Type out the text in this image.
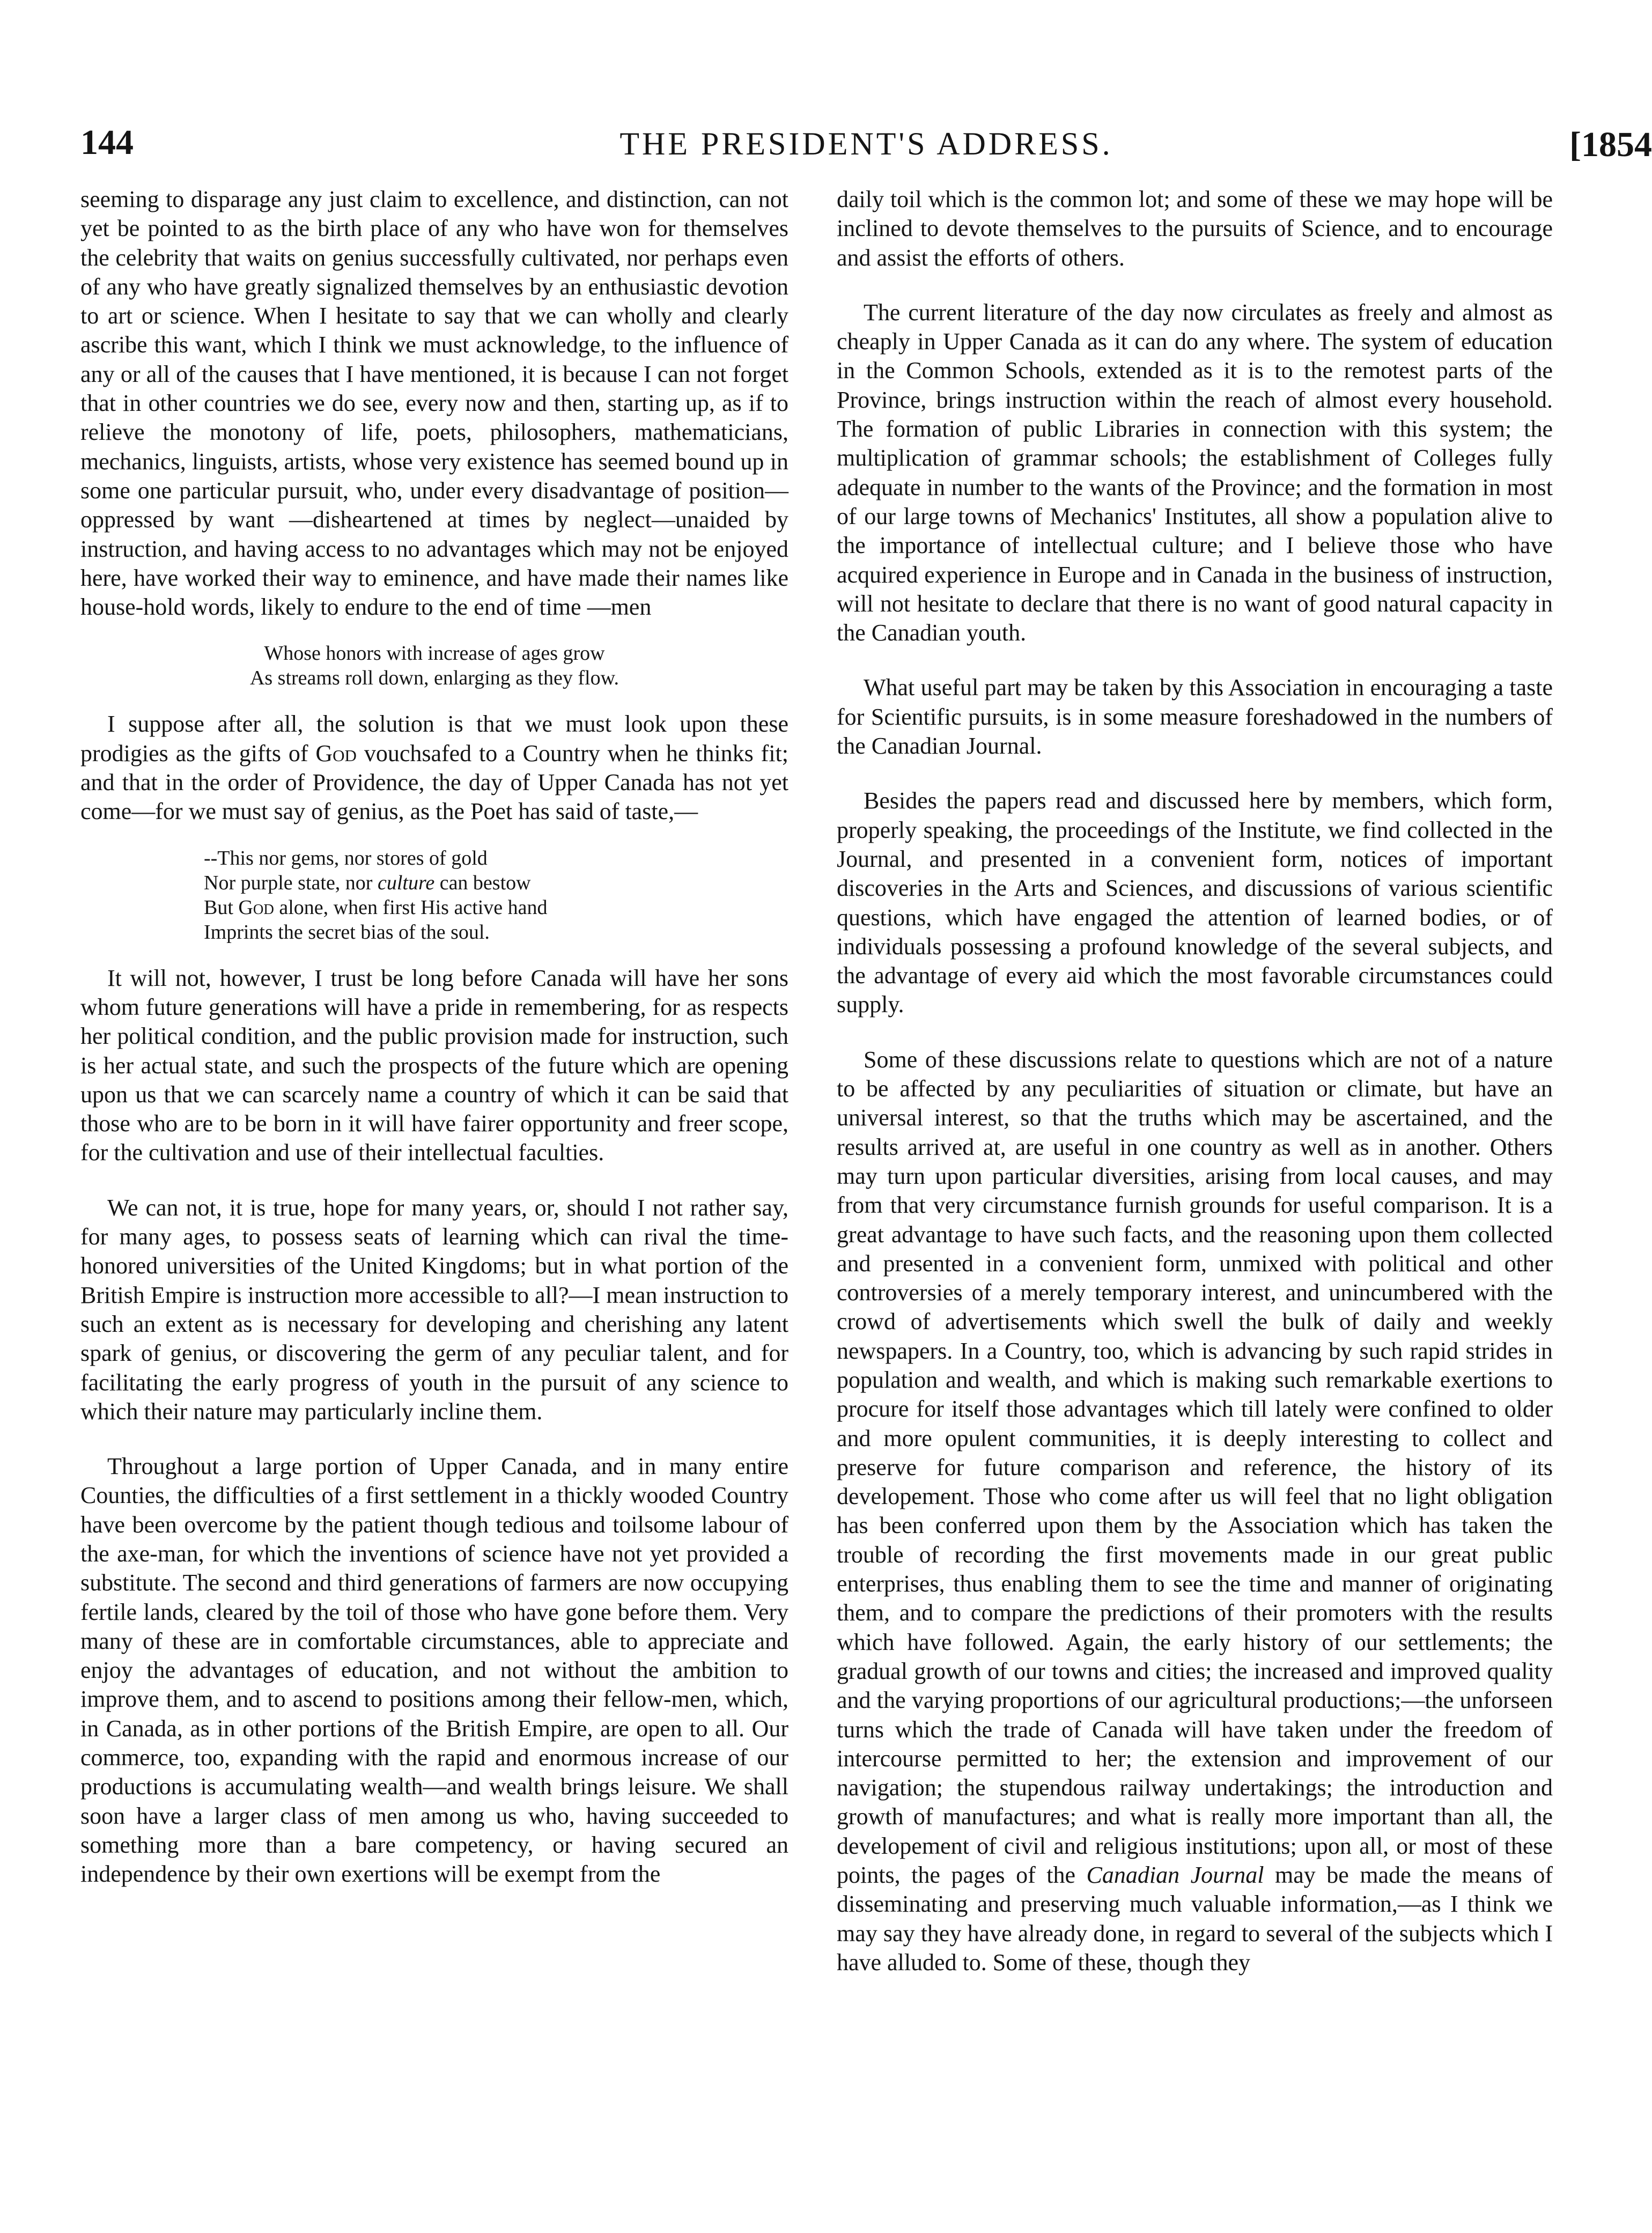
144	THE PRESIDENT'S ADDRESS.	[1854

seeming to disparage any just claim to excellence, and distinction, can not yet be pointed to as the birth place of any who have won for themselves the celebrity that waits on genius successfully cultivated, nor perhaps even of any who have greatly signalized themselves by an enthusiastic devotion to art or science. When I hesitate to say that we can wholly and clearly ascribe this want, which I think we must acknowledge, to the influence of any or all of the causes that I have mentioned, it is because I can not forget that in other countries we do see, every now and then, starting up, as if to relieve the monotony of life, poets, philosophers, mathematicians, mechanics, linguists, artists, whose very existence has seemed bound up in some one particular pursuit, who, under every disadvantage of position—oppressed by want —disheartened at times by neglect—unaided by instruction, and having access to no advantages which may not be enjoyed here, have worked their way to eminence, and have made their names like house-hold words, likely to endure to the end of time —men

Whose honors with increase of ages grow
As streams roll down, enlarging as they flow.

I suppose after all, the solution is that we must look upon these prodigies as the gifts of God vouchsafed to a Country when he thinks fit; and that in the order of Providence, the day of Upper Canada has not yet come—for we must say of genius, as the Poet has said of taste,—

--This nor gems, nor stores of gold
Nor purple state, nor culture can bestow
But God alone, when first His active hand
Imprints the secret bias of the soul.

It will not, however, I trust be long before Canada will have her sons whom future generations will have a pride in remembering, for as respects her political condition, and the public provision made for instruction, such is her actual state, and such the prospects of the future which are opening upon us that we can scarcely name a country of which it can be said that those who are to be born in it will have fairer opportunity and freer scope, for the cultivation and use of their intellectual faculties.

We can not, it is true, hope for many years, or, should I not rather say, for many ages, to possess seats of learning which can rival the time-honored universities of the United Kingdoms; but in what portion of the British Empire is instruction more accessible to all?—I mean instruction to such an extent as is necessary for developing and cherishing any latent spark of genius, or discovering the germ of any peculiar talent, and for facilitating the early progress of youth in the pursuit of any science to which their nature may particularly incline them.

Throughout a large portion of Upper Canada, and in many entire Counties, the difficulties of a first settlement in a thickly wooded Country have been overcome by the patient though tedious and toilsome labour of the axe-man, for which the inventions of science have not yet provided a substitute. The second and third generations of farmers are now occupying fertile lands, cleared by the toil of those who have gone before them. Very many of these are in comfortable circumstances, able to appreciate and enjoy the advantages of education, and not without the ambition to improve them, and to ascend to positions among their fellow-men, which, in Canada, as in other portions of the British Empire, are open to all. Our commerce, too, expanding with the rapid and enormous increase of our productions is accumulating wealth—and wealth brings leisure. We shall soon have a larger class of men among us who, having succeeded to something more than a bare competency, or having secured an independence by their own exertions will be exempt from the

daily toil which is the common lot; and some of these we may hope will be inclined to devote themselves to the pursuits of Science, and to encourage and assist the efforts of others.

The current literature of the day now circulates as freely and almost as cheaply in Upper Canada as it can do any where. The system of education in the Common Schools, extended as it is to the remotest parts of the Province, brings instruction within the reach of almost every household. The formation of public Libraries in connection with this system; the multiplication of grammar schools; the establishment of Colleges fully adequate in number to the wants of the Province; and the formation in most of our large towns of Mechanics' Institutes, all show a population alive to the importance of intellectual culture; and I believe those who have acquired experience in Europe and in Canada in the business of instruction, will not hesitate to declare that there is no want of good natural capacity in the Canadian youth.

What useful part may be taken by this Association in encouraging a taste for Scientific pursuits, is in some measure foreshadowed in the numbers of the Canadian Journal.

Besides the papers read and discussed here by members, which form, properly speaking, the proceedings of the Institute, we find collected in the Journal, and presented in a convenient form, notices of important discoveries in the Arts and Sciences, and discussions of various scientific questions, which have engaged the attention of learned bodies, or of individuals possessing a profound knowledge of the several subjects, and the advantage of every aid which the most favorable circumstances could supply.

Some of these discussions relate to questions which are not of a nature to be affected by any peculiarities of situation or climate, but have an universal interest, so that the truths which may be ascertained, and the results arrived at, are useful in one country as well as in another. Others may turn upon particular diversities, arising from local causes, and may from that very circumstance furnish grounds for useful comparison. It is a great advantage to have such facts, and the reasoning upon them collected and presented in a convenient form, unmixed with political and other controversies of a merely temporary interest, and unincumbered with the crowd of advertisements which swell the bulk of daily and weekly newspapers. In a Country, too, which is advancing by such rapid strides in population and wealth, and which is making such remarkable exertions to procure for itself those advantages which till lately were confined to older and more opulent communities, it is deeply interesting to collect and preserve for future comparison and reference, the history of its developement. Those who come after us will feel that no light obligation has been conferred upon them by the Association which has taken the trouble of recording the first movements made in our great public enterprises, thus enabling them to see the time and manner of originating them, and to compare the predictions of their promoters with the results which have followed. Again, the early history of our settlements; the gradual growth of our towns and cities; the increased and improved quality and the varying proportions of our agricultural productions;—the unforseen turns which the trade of Canada will have taken under the freedom of intercourse permitted to her; the extension and improvement of our navigation; the stupendous railway undertakings; the introduction and growth of manufactures; and what is really more important than all, the developement of civil and religious institutions; upon all, or most of these points, the pages of the Canadian Journal may be made the means of disseminating and preserving much valuable information,—as I think we may say they have already done, in regard to several of the subjects which I have alluded to. Some of these, though they
